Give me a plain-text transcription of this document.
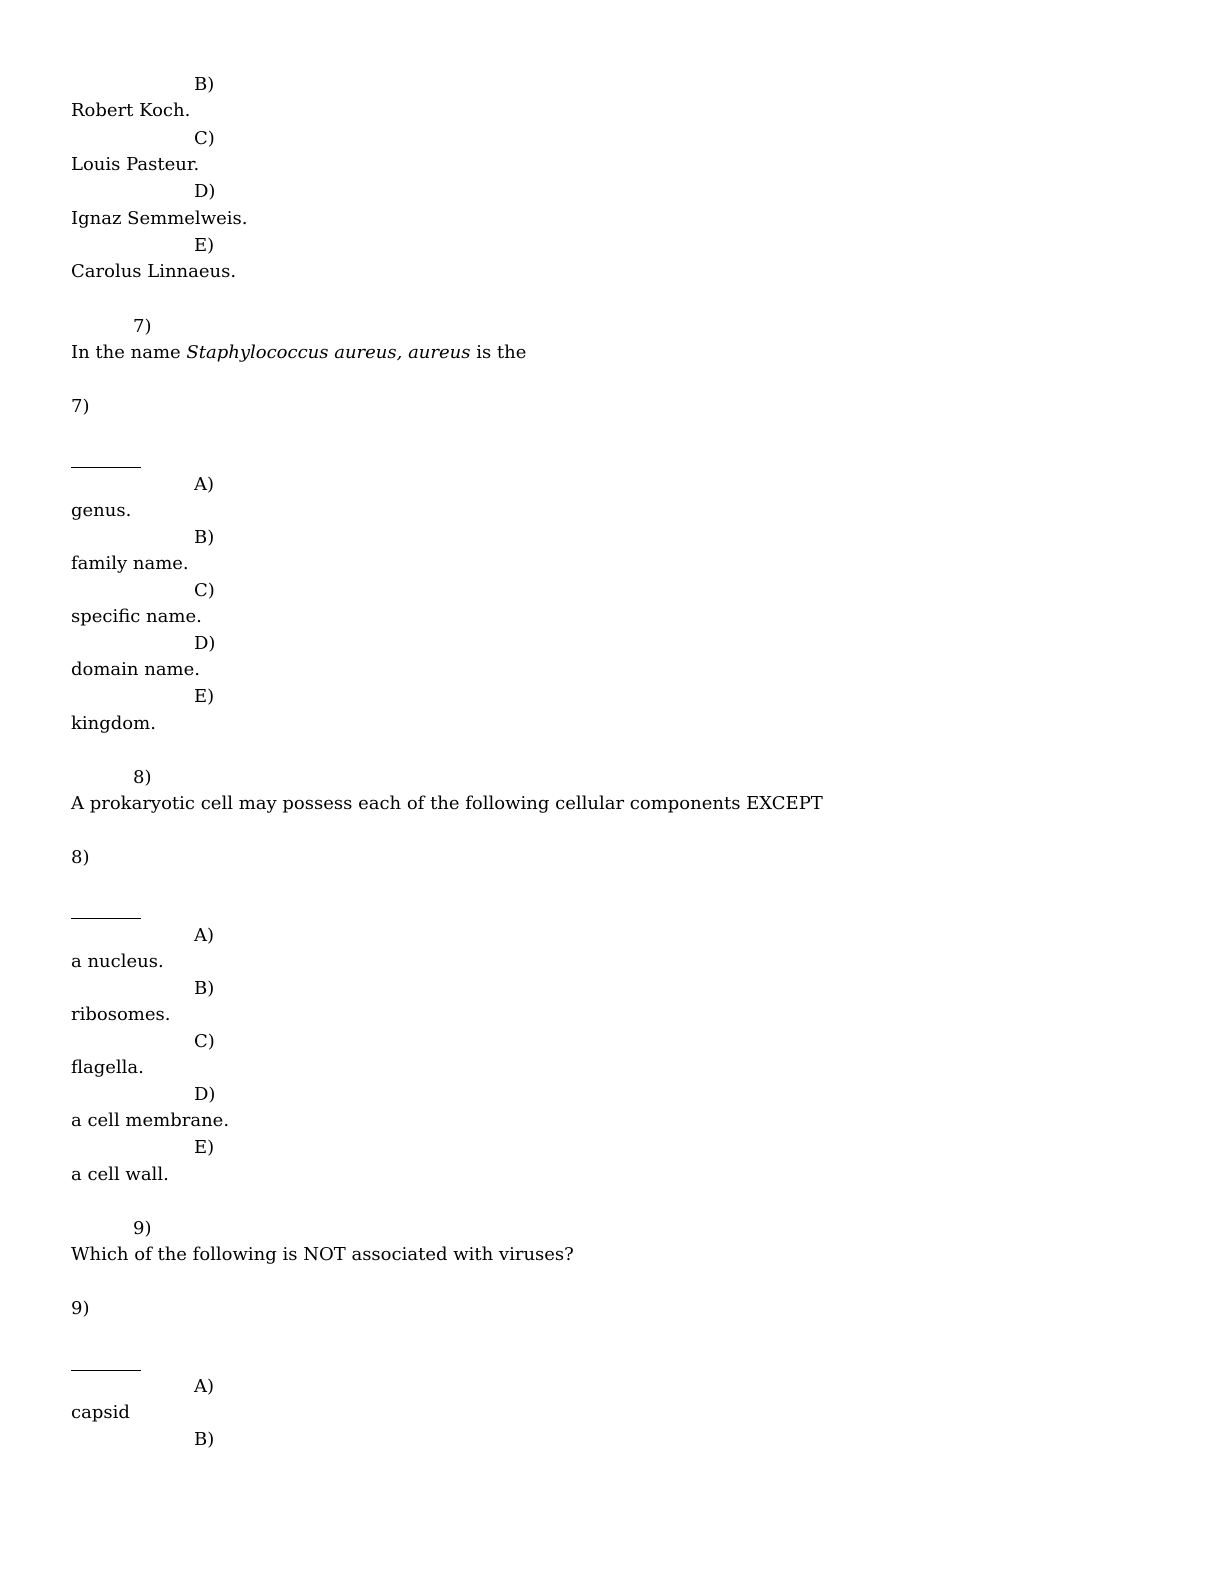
B)
Robert Koch.
C)
Louis Pasteur.
D)
Ignaz Semmelweis.
E)
Carolus Linnaeus.
7)
In the name Staphylococcus aureus, aureus is the
7)
A)
genus.
B)
family name.
C)
specific name.
D)
domain name.
E)
kingdom.
8)
A prokaryotic cell may possess each of the following cellular components EXCEPT
8)
A)
a nucleus.
B)
ribosomes.
C)
flagella.
D)
a cell membrane.
E)
a cell wall.
9)
Which of the following is NOT associated with viruses?
9)
A)
capsid
B)
